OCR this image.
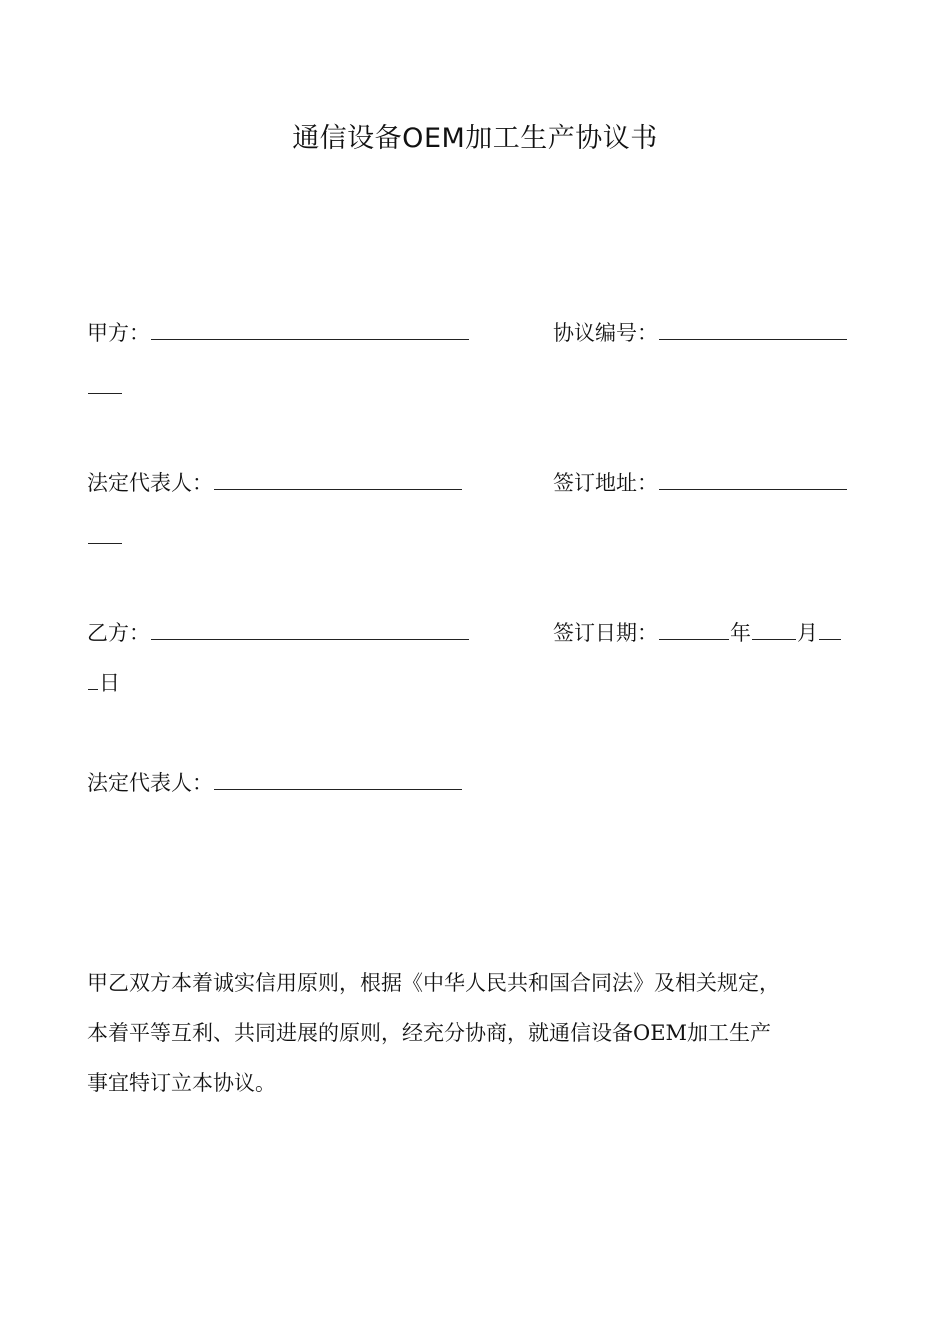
通信设备OEM加工生产协议书
甲方：	协议编号：
法定代表人：	签订地址：
乙方：	签订日期：	年 月
日
法定代表人：
甲乙双方本着诚实信用原则，根据《中华人民共和国合同法》及相关规定，
本着平等互利、共同进展的原则，经充分协商，就通信设备OEM加工生产
事宜特订立本协议。
